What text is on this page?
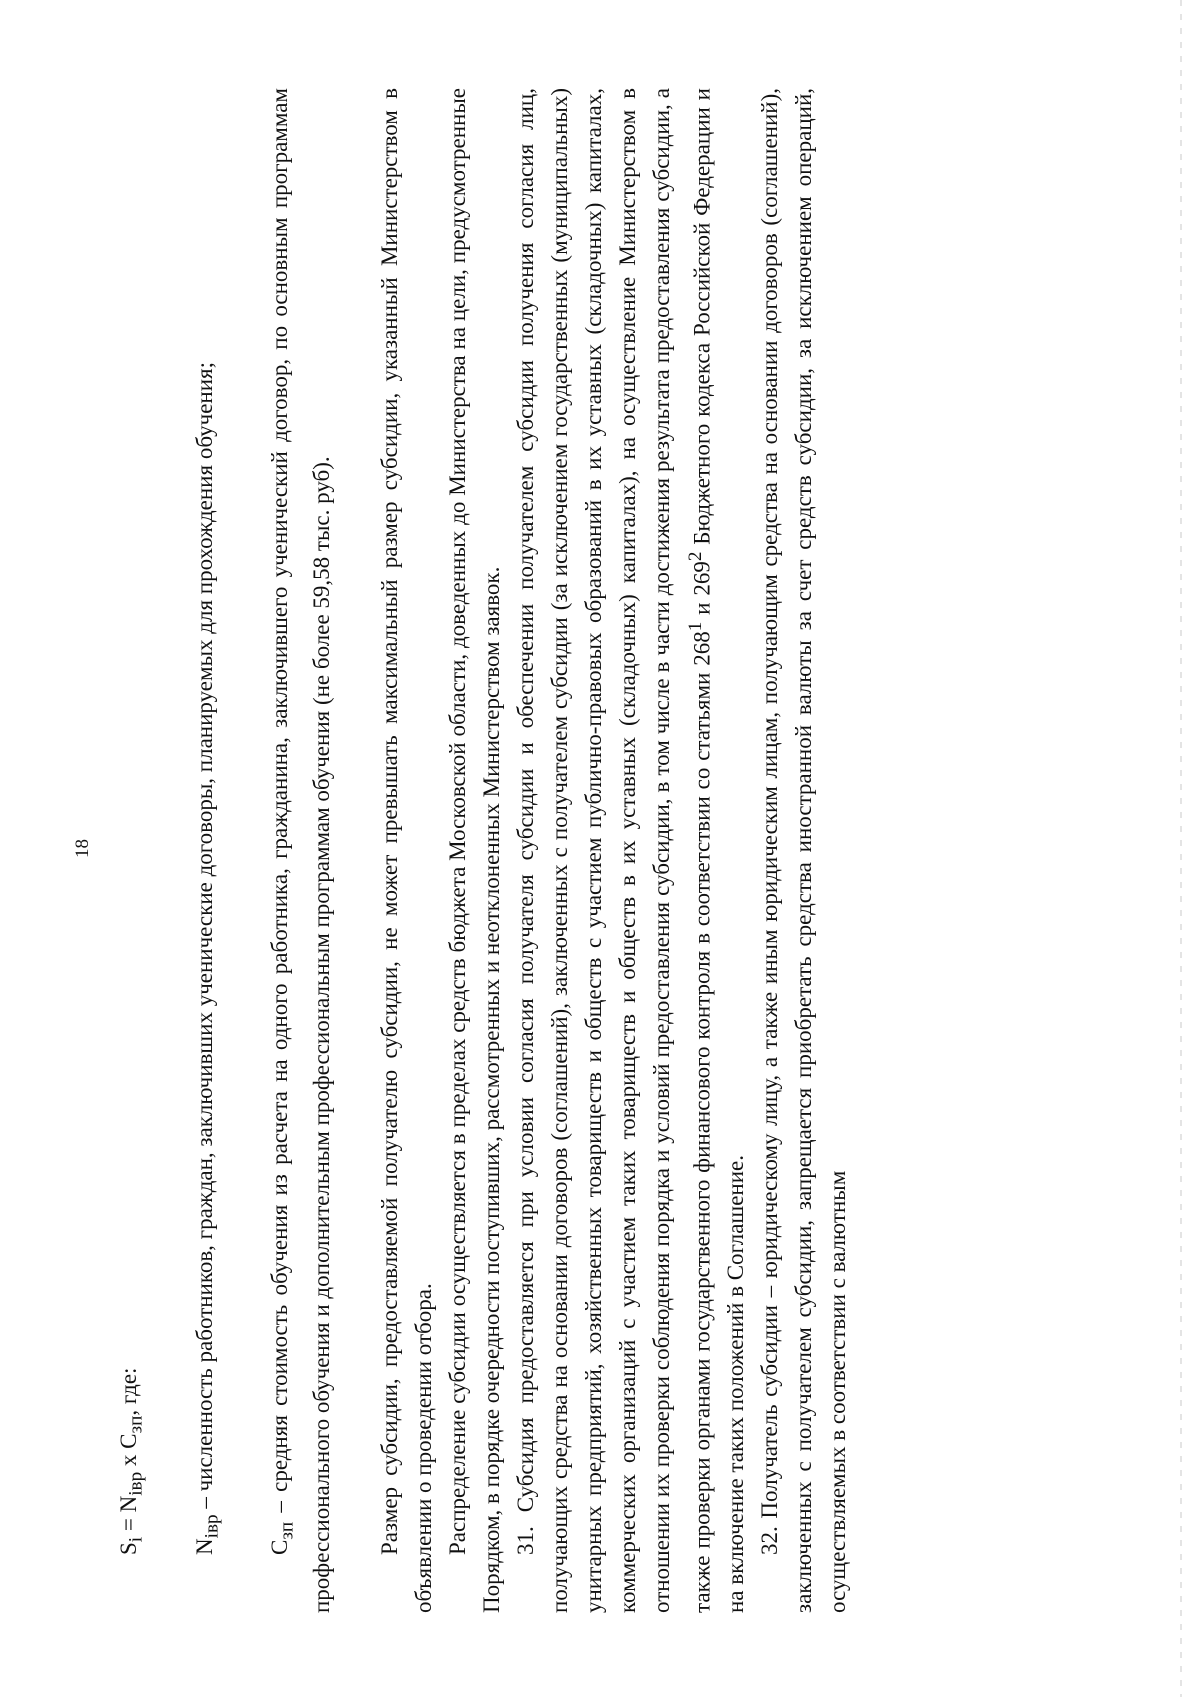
18

$S_i = N_{iвр}$ x $С_{зп}$, где:

$N_{iвр}$ – численность работников, граждан, заключивших ученические договоры, планируемых для прохождения обучения;

$С_{зп}$ – средняя стоимость обучения из расчета на одного работника, гражданина, заключившего ученический договор, по основным программам профессионального обучения и дополнительным профессиональным программам обучения (не более 59,58 тыс. руб). Размер субсидии, предоставляемой получателю субсидии, не может превышать максимальный размер субсидии, указанный Министерством в объявлении о проведении отбора. Распределение субсидии осуществляется в пределах средств бюджета Московской области, доведенных до Министерства на цели, предусмотренные Порядком, в порядке очередности поступивших, рассмотренных и неотклоненных Министерством заявок. 31. Субсидия предоставляется при условии согласия получателя субсидии и обеспечении получателем субсидии получения согласия лиц, получающих средства на основании договоров (соглашений), заключенных с получателем субсидии (за исключением государственных (муниципальных) унитарных предприятий, хозяйственных товариществ и обществ с участием публично-правовых образований в их уставных (складочных) капиталах, коммерческих организаций с участием таких товариществ и обществ в их уставных (складочных) капиталах), на осуществление Министерством в отношении их проверки соблюдения порядка и условий предоставления субсидии, в том числе в части достижения результата предоставления субсидии, а также проверки органами государственного финансового контроля в соответствии со статьями $268^1$ и $269^2$ Бюджетного кодекса Российской Федерации и на включение таких положений в Соглашение. 32. Получатель субсидии – юридическому лицу, а также иным юридическим лицам, получающим средства на основании договоров (соглашений), заключенных с получателем субсидии, запрещается приобретать средства иностранной валюты за счет средств субсидии, за исключением операций, осуществляемых в соответствии с валютным
